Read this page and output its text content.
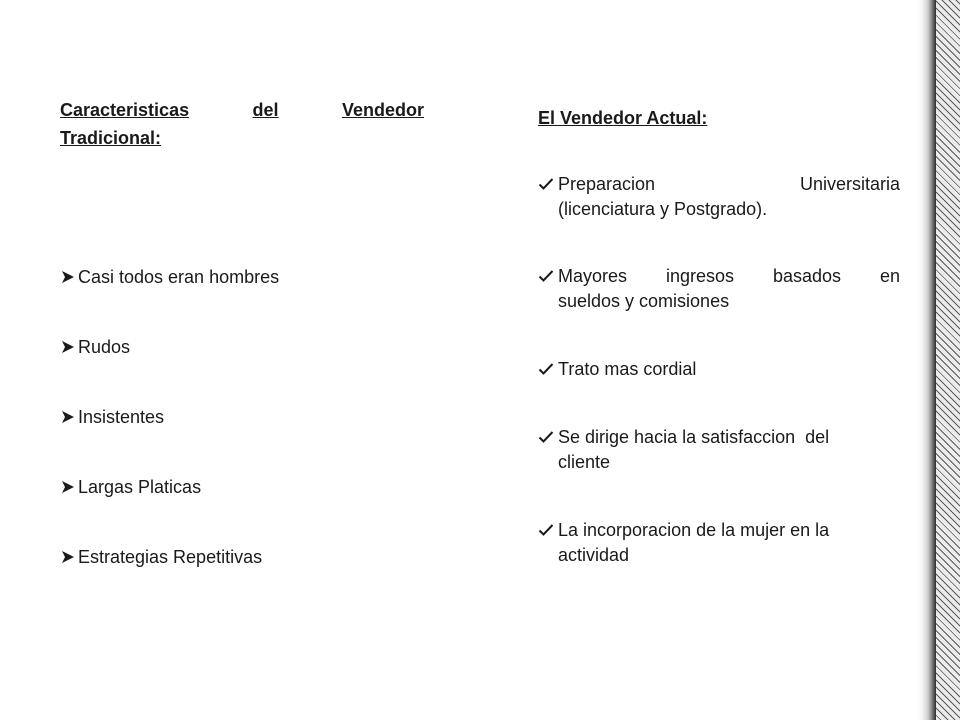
Caracteristicas	del	Vendedor
Tradicional:
Casi todos eran hombres
Rudos
Insistentes
Largas Platicas
Estrategias Repetitivas
El Vendedor Actual:
Preparacion	Universitaria
(licenciatura y Postgrado).
Mayores ingresos basados en
sueldos y comisiones
Trato mas cordial
Se dirige hacia la satisfaccion  del
cliente
La incorporacion de la mujer en la
actividad
